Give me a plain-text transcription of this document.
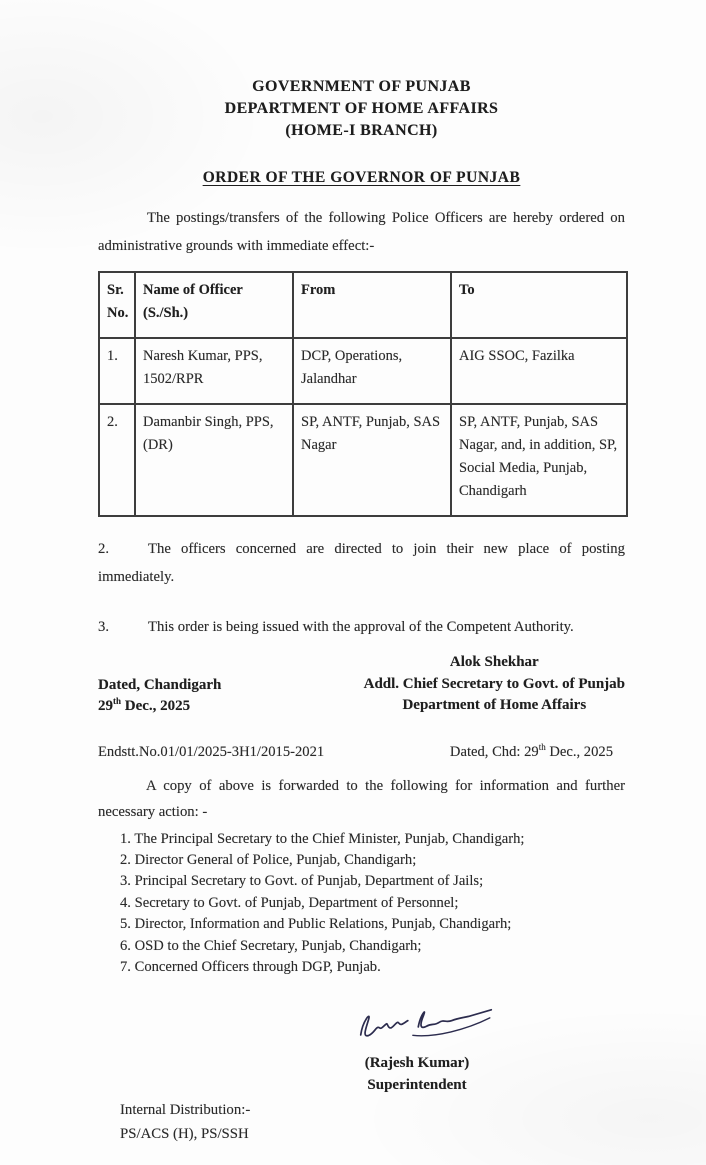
GOVERNMENT OF PUNJAB
DEPARTMENT OF HOME AFFAIRS
(HOME-I BRANCH)
ORDER OF THE GOVERNOR OF PUNJAB

The postings/transfers of the following Police Officers are hereby ordered on administrative grounds with immediate effect:-

Sr. No.	Name of Officer (S./Sh.)	From	To
1.	Naresh Kumar, PPS, 1502/RPR	DCP, Operations, Jalandhar	AIG SSOC, Fazilka
2.	Damanbir Singh, PPS, (DR)	SP, ANTF, Punjab, SAS Nagar	SP, ANTF, Punjab, SAS Nagar, and, in addition, SP, Social Media, Punjab, Chandigarh

2.	The officers concerned are directed to join their new place of posting immediately.

3.	This order is being issued with the approval of the Competent Authority.

Dated, Chandigarh
29th Dec., 2025
Alok Shekhar
Addl. Chief Secretary to Govt. of Punjab
Department of Home Affairs
Endstt.No.01/01/2025-3H1/2015-2021	Dated, Chd: 29th Dec., 2025

A copy of above is forwarded to the following for information and further necessary action: -

1. The Principal Secretary to the Chief Minister, Punjab, Chandigarh;
2. Director General of Police, Punjab, Chandigarh;
3. Principal Secretary to Govt. of Punjab, Department of Jails;
4. Secretary to Govt. of Punjab, Department of Personnel;
5. Director, Information and Public Relations, Punjab, Chandigarh;
6. OSD to the Chief Secretary, Punjab, Chandigarh;
7. Concerned Officers through DGP, Punjab.
(Rajesh Kumar)
Superintendent
Internal Distribution:-
PS/ACS (H), PS/SSH
